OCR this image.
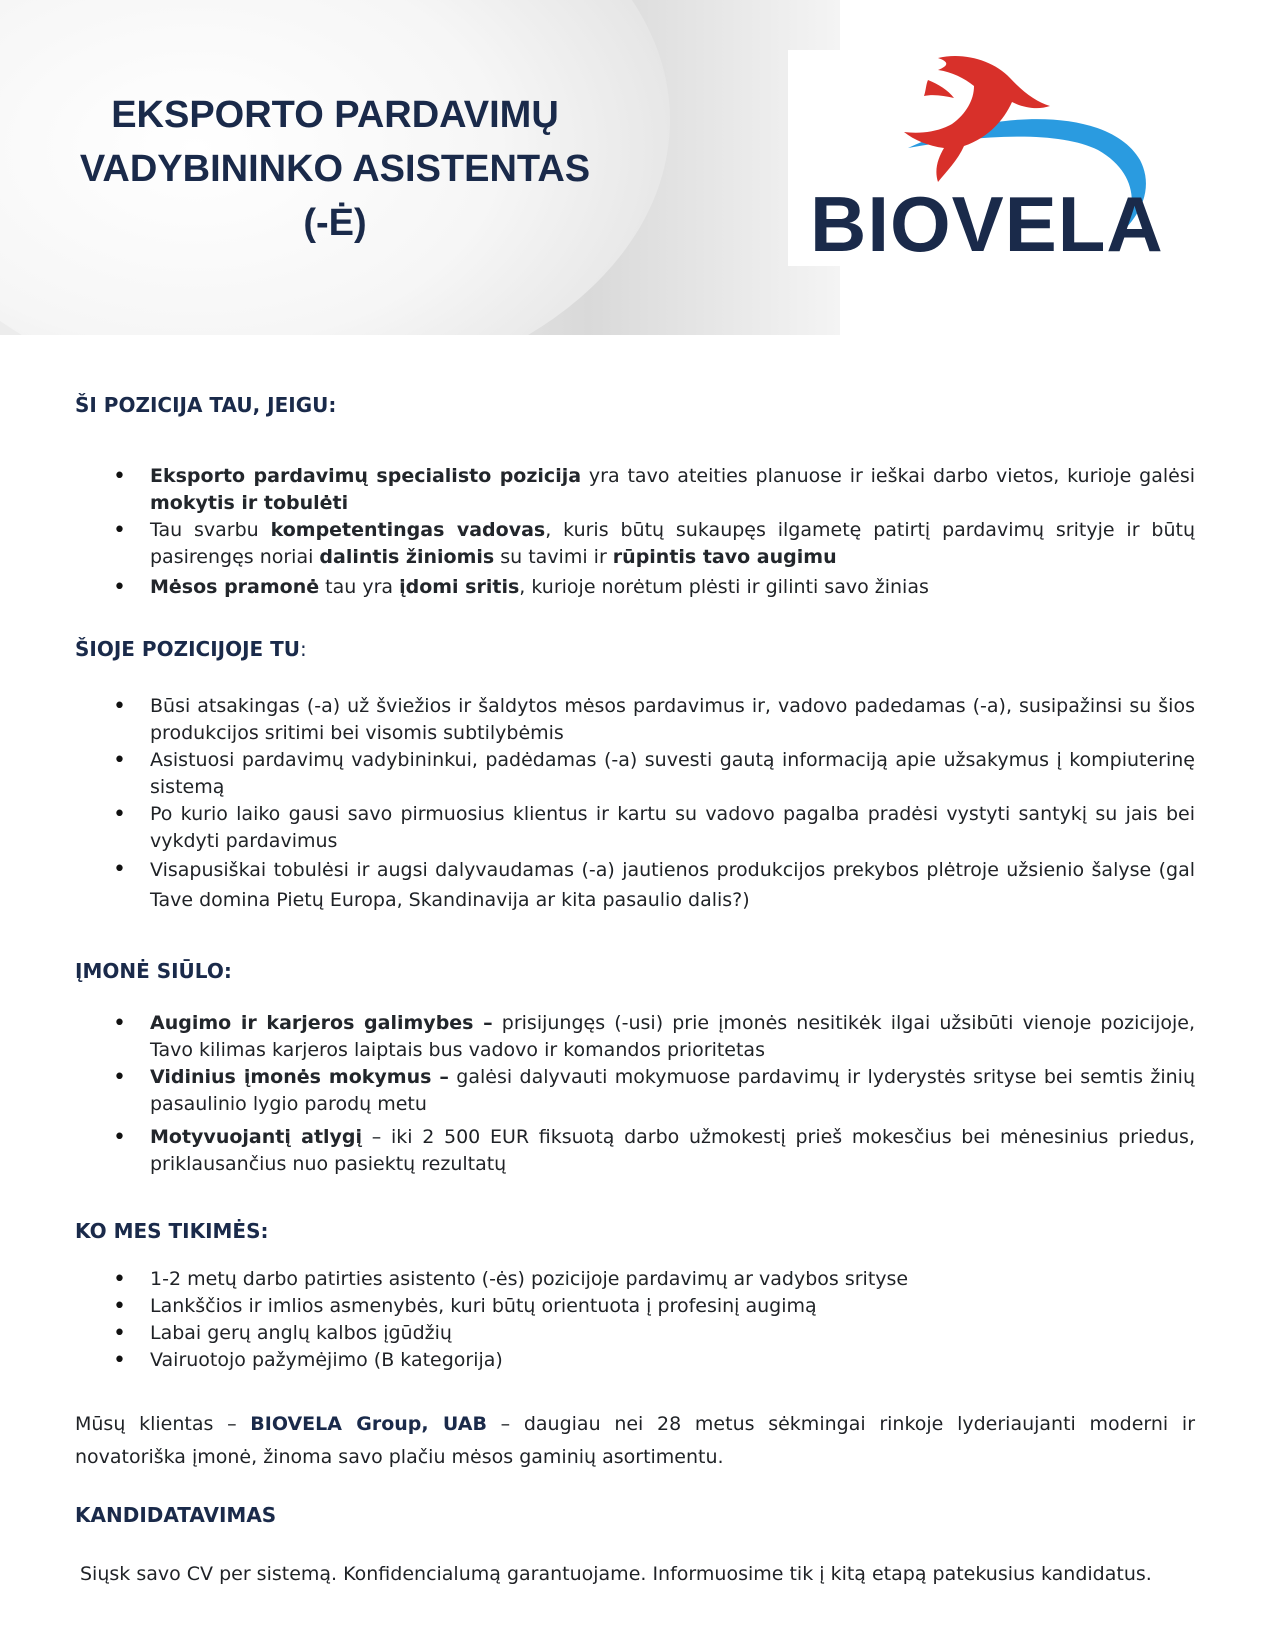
EKSPORTO PARDAVIMŲ
VADYBININKO ASISTENTAS
(-Ė)	BIOVELA
ŠI POZICIJA TAU, JEIGU:
• Eksporto pardavimų specialisto pozicija yra tavo ateities planuose ir ieškai darbo vietos, kurioje galėsi mokytis ir tobulėti
• Tau svarbu kompetentingas vadovas, kuris būtų sukaupęs ilgametę patirtį pardavimų srityje ir būtų pasirengęs noriai dalintis žiniomis su tavimi ir rūpintis tavo augimu
• Mėsos pramonė tau yra įdomi sritis, kurioje norėtum plėsti ir gilinti savo žinias
ŠIOJE POZICIJOJE TU:
• Būsi atsakingas (-a) už šviežios ir šaldytos mėsos pardavimus ir, vadovo padedamas (-a), susipažinsi su šios produkcijos sritimi bei visomis subtilybėmis
• Asistuosi pardavimų vadybininkui, padėdamas (-a) suvesti gautą informaciją apie užsakymus į kompiuterinę sistemą
• Po kurio laiko gausi savo pirmuosius klientus ir kartu su vadovo pagalba pradėsi vystyti santykį su jais bei vykdyti pardavimus
• Visapusiškai tobulėsi ir augsi dalyvaudamas (-a) jautienos produkcijos prekybos plėtroje užsienio šalyse (gal Tave domina Pietų Europa, Skandinavija ar kita pasaulio dalis?)
ĮMONĖ SIŪLO:
• Augimo ir karjeros galimybes – prisijungęs (-usi) prie įmonės nesitikėk ilgai užsibūti vienoje pozicijoje, Tavo kilimas karjeros laiptais bus vadovo ir komandos prioritetas
• Vidinius įmonės mokymus – galėsi dalyvauti mokymuose pardavimų ir lyderystės srityse bei semtis žinių pasaulinio lygio parodų metu
• Motyvuojantį atlygį – iki 2 500 EUR fiksuotą darbo užmokestį prieš mokesčius bei mėnesinius priedus, priklausančius nuo pasiektų rezultatų
KO MES TIKIMĖS:
• 1-2 metų darbo patirties asistento (-ės) pozicijoje pardavimų ar vadybos srityse
• Lankščios ir imlios asmenybės, kuri būtų orientuota į profesinį augimą
• Labai gerų anglų kalbos įgūdžių
• Vairuotojo pažymėjimo (B kategorija)
Mūsų klientas – BIOVELA Group, UAB – daugiau nei 28 metus sėkmingai rinkoje lyderiaujanti moderni ir novatoriška įmonė, žinoma savo plačiu mėsos gaminių asortimentu.
KANDIDATAVIMAS
Siųsk savo CV per sistemą. Konfidencialumą garantuojame. Informuosime tik į kitą etapą patekusius kandidatus.
